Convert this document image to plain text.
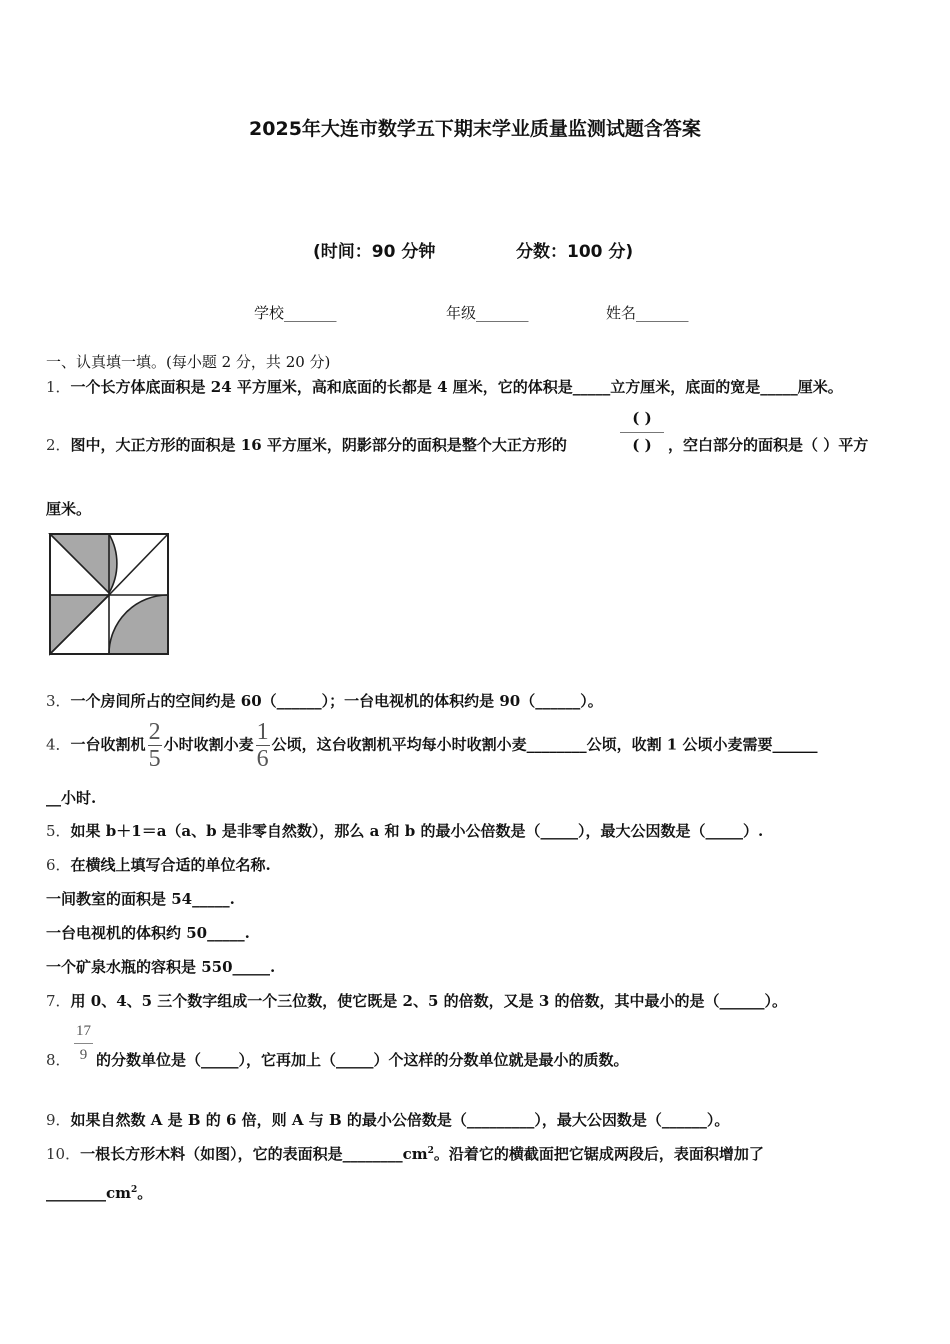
2025年大连市数学五下期末学业质量监测试题含答案
(时间：90 分钟	分数：100 分)
学校_______	年级_______	姓名_______
一、认真填一填。(每小题 2 分，共 20 分)
1．一个长方体底面积是 24 平方厘米，高和底面的长都是 4 厘米，它的体积是_____立方厘米，底面的宽是_____厘米。
2．图中，大正方形的面积是 16 平方厘米，阴影部分的面积是整个大正方形的
( )
( )	，空白部分的面积是（ ）平方
厘米。
3．一个房间所占的空间约是 60（______）；一台电视机的体积约是 90（______）。
4．一台收割机 $\frac{2}{5}$ 小时收割小麦 $\frac{1}{6}$ 公顷，这台收割机平均每小时收割小麦________公顷，收割 1 公顷小麦需要______
__小时.
5．如果 b＋1＝a（a、b 是非零自然数），那么 a 和 b 的最小公倍数是（_____），最大公因数是（_____）.
6．在横线上填写合适的单位名称.
一间教室的面积是 54_____.
一台电视机的体积约 50_____.
一个矿泉水瓶的容积是 550_____.
7．用 0、4、5 三个数字组成一个三位数，使它既是 2、5 的倍数，又是 3 的倍数，其中最小的是（______）。
8． $\frac{17}{9}$ 的分数单位是（_____），它再加上（_____）个这样的分数单位就是最小的质数。
9．如果自然数 A 是 B 的 6 倍，则 A 与 B 的最小公倍数是（_________），最大公因数是（______）。
10．一根长方形木料（如图），它的表面积是$\_\_\_\_\_\_\_\_cm^2$。沿着它的横截面把它锯成两段后，表面积增加了
$\_\_\_\_\_\_\_\_cm^2$。
